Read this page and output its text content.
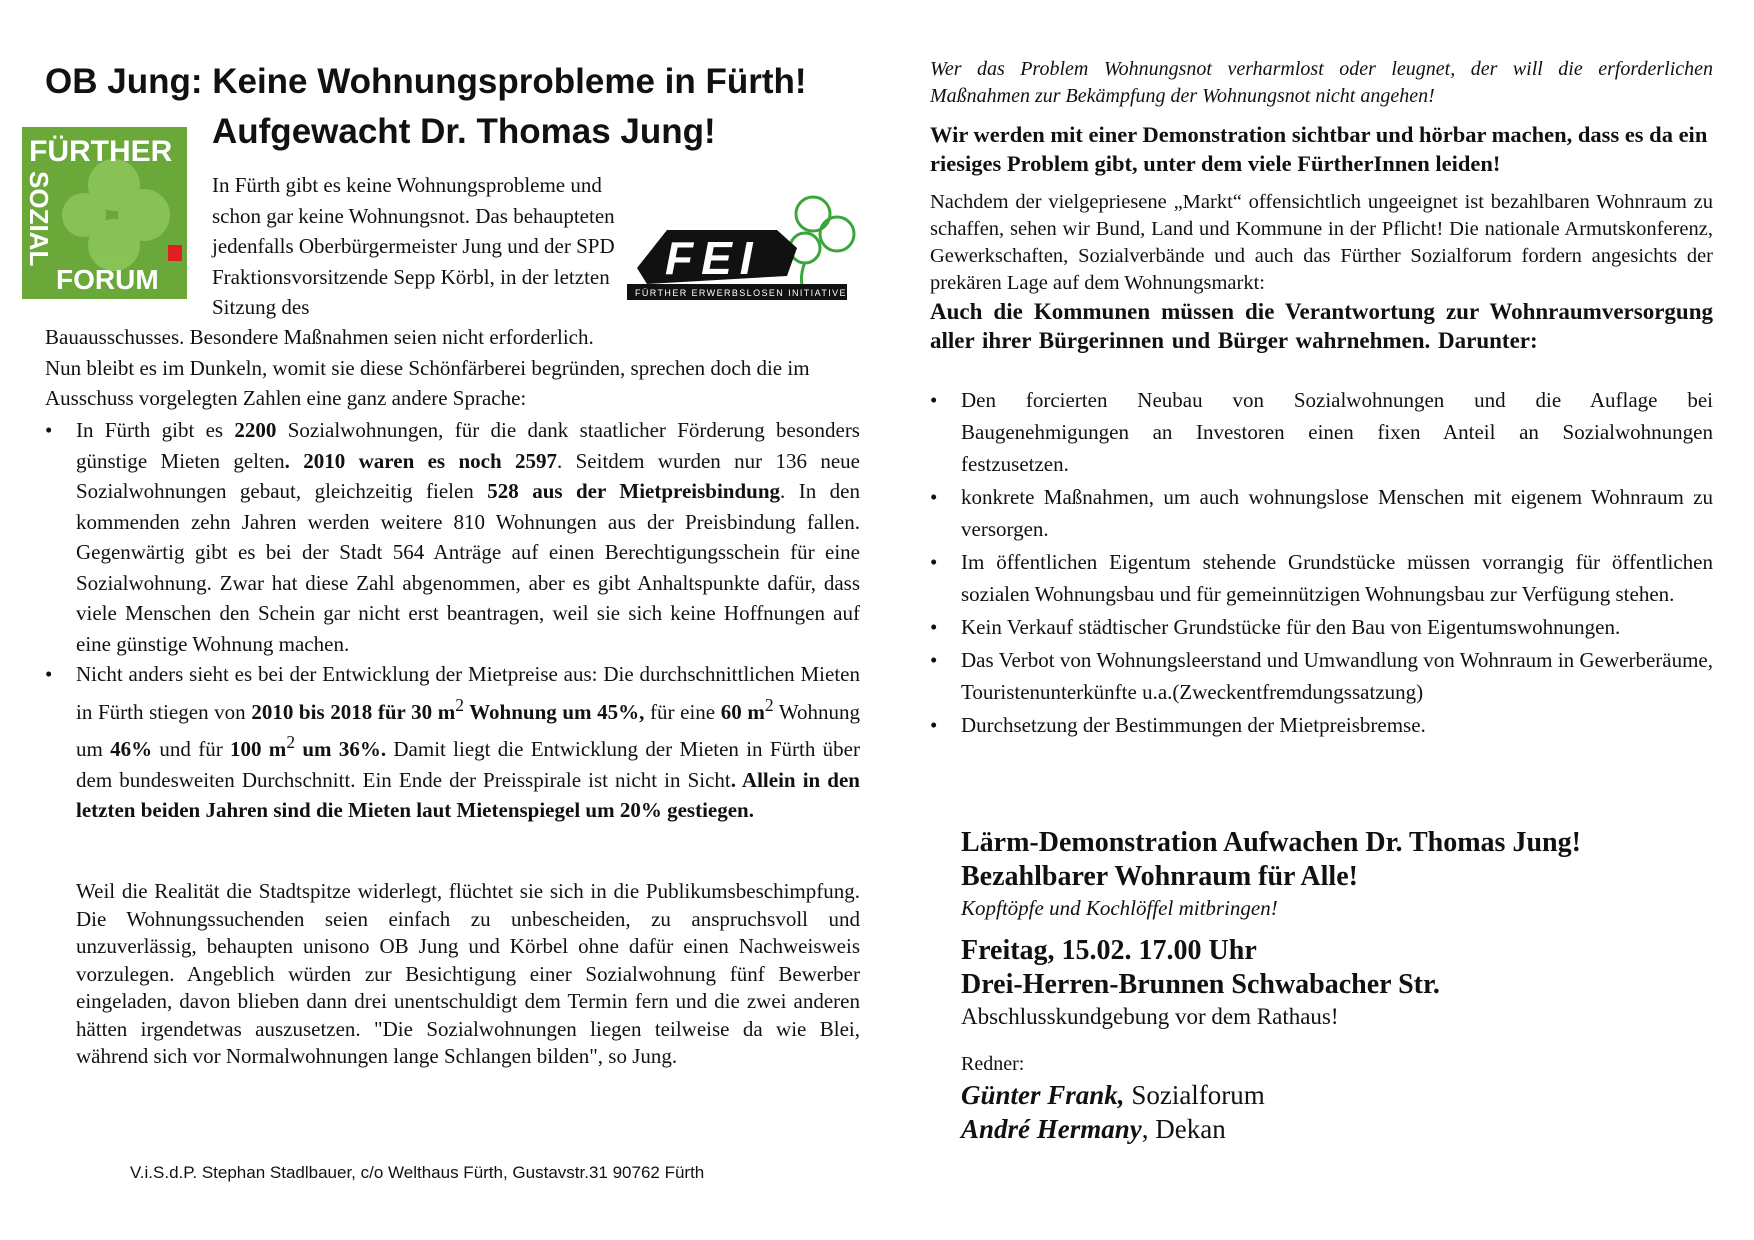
OB Jung: Keine Wohnungsprobleme in Fürth!
Aufgewacht Dr. Thomas Jung!
FÜRTHER
SOZIAL
FORUM	FEI
FÜRTHER ERWERBSLOSEN INITIATIVE
In Fürth gibt es keine Wohnungsprobleme und schon gar keine Wohnungsnot. Das behaupteten jedenfalls Oberbürgermeister Jung und der SPD Fraktionsvorsitzende Sepp Körbl, in der letzten Sitzung des
Bauausschusses. Besondere Maßnahmen seien nicht erforderlich.
Nun bleibt es im Dunkeln, womit sie diese Schönfärberei begründen, sprechen doch die im Ausschuss vorgelegten Zahlen eine ganz andere Sprache:
• In Fürth gibt es 2200 Sozialwohnungen, für die dank staatlicher Förderung besonders günstige Mieten gelten. 2010 waren es noch 2597. Seitdem wurden nur 136 neue Sozialwohnungen gebaut, gleichzeitig fielen 528 aus der Mietpreisbindung. In den kommenden zehn Jahren werden weitere 810 Wohnungen aus der Preisbindung fallen. Gegenwärtig gibt es bei der Stadt 564 Anträge auf einen Berechtigungsschein für eine Sozialwohnung. Zwar hat diese Zahl abgenommen, aber es gibt Anhaltspunkte dafür, dass viele Menschen den Schein gar nicht erst beantragen, weil sie sich keine Hoffnungen auf eine günstige Wohnung machen.
• Nicht anders sieht es bei der Entwicklung der Mietpreise aus: Die durchschnittlichen Mieten in Fürth stiegen von 2010 bis 2018 für 30 $m^2$ Wohnung um 45%, für eine 60 $m^2$ Wohnung um 46% und für 100 $m^2$ um 36%. Damit liegt die Entwicklung der Mieten in Fürth über dem bundesweiten Durchschnitt. Ein Ende der Preisspirale ist nicht in Sicht. Allein in den letzten beiden Jahren sind die Mieten laut Mietenspiegel um 20% gestiegen.
Weil die Realität die Stadtspitze widerlegt, flüchtet sie sich in die Publikumsbeschimpfung. Die Wohnungssuchenden seien einfach zu unbescheiden, zu anspruchsvoll und unzuverlässig, behaupten unisono OB Jung und Körbel ohne dafür einen Nachweisweis vorzulegen. Angeblich würden zur Besichtigung einer Sozialwohnung fünf Bewerber eingeladen, davon blieben dann drei unentschuldigt dem Termin fern und die zwei anderen hätten irgendetwas auszusetzen. "Die Sozialwohnungen liegen teilweise da wie Blei, während sich vor Normalwohnungen lange Schlangen bilden", so Jung.
V.i.S.d.P. Stephan Stadlbauer, c/o Welthaus Fürth, Gustavstr.31 90762 Fürth
Wer das Problem Wohnungsnot verharmlost oder leugnet, der will die erforderlichen Maßnahmen zur Bekämpfung der Wohnungsnot nicht angehen!
Wir werden mit einer Demonstration sichtbar und hörbar machen, dass es da ein riesiges Problem gibt, unter dem viele FürtherInnen leiden!
Nachdem der vielgepriesene „Markt“ offensichtlich ungeeignet ist bezahlbaren Wohnraum zu schaffen, sehen wir Bund, Land und Kommune in der Pflicht! Die nationale Armutskonferenz, Gewerkschaften, Sozialverbände und auch das Fürther Sozialforum fordern angesichts der prekären Lage auf dem Wohnungsmarkt:
Auch die Kommunen müssen die Verantwortung zur Wohnraumversorgung aller ihrer Bürgerinnen und Bürger wahrnehmen. Darunter:
• Den forcierten Neubau von Sozialwohnungen und die Auflage bei Baugenehmigungen an Investoren einen fixen Anteil an Sozialwohnungen festzusetzen.
• konkrete Maßnahmen, um auch wohnungslose Menschen mit eigenem Wohnraum zu versorgen.
• Im öffentlichen Eigentum stehende Grundstücke müssen vorrangig für öffentlichen sozialen Wohnungsbau und für gemeinnützigen Wohnungsbau zur Verfügung stehen.
• Kein Verkauf städtischer Grundstücke für den Bau von Eigentumswohnungen.
• Das Verbot von Wohnungsleerstand und Umwandlung von Wohnraum in Gewerberäume, Touristenunterkünfte u.a.(Zweckentfremdungssatzung)
• Durchsetzung der Bestimmungen der Mietpreisbremse.
Lärm-Demonstration Aufwachen Dr. Thomas Jung!
Bezahlbarer Wohnraum für Alle!
Kopftöpfe und Kochlöffel mitbringen!
Freitag, 15.02. 17.00 Uhr
Drei-Herren-Brunnen Schwabacher Str.
Abschlusskundgebung vor dem Rathaus!
Redner:
Günter Frank, Sozialforum
André Hermany, Dekan
